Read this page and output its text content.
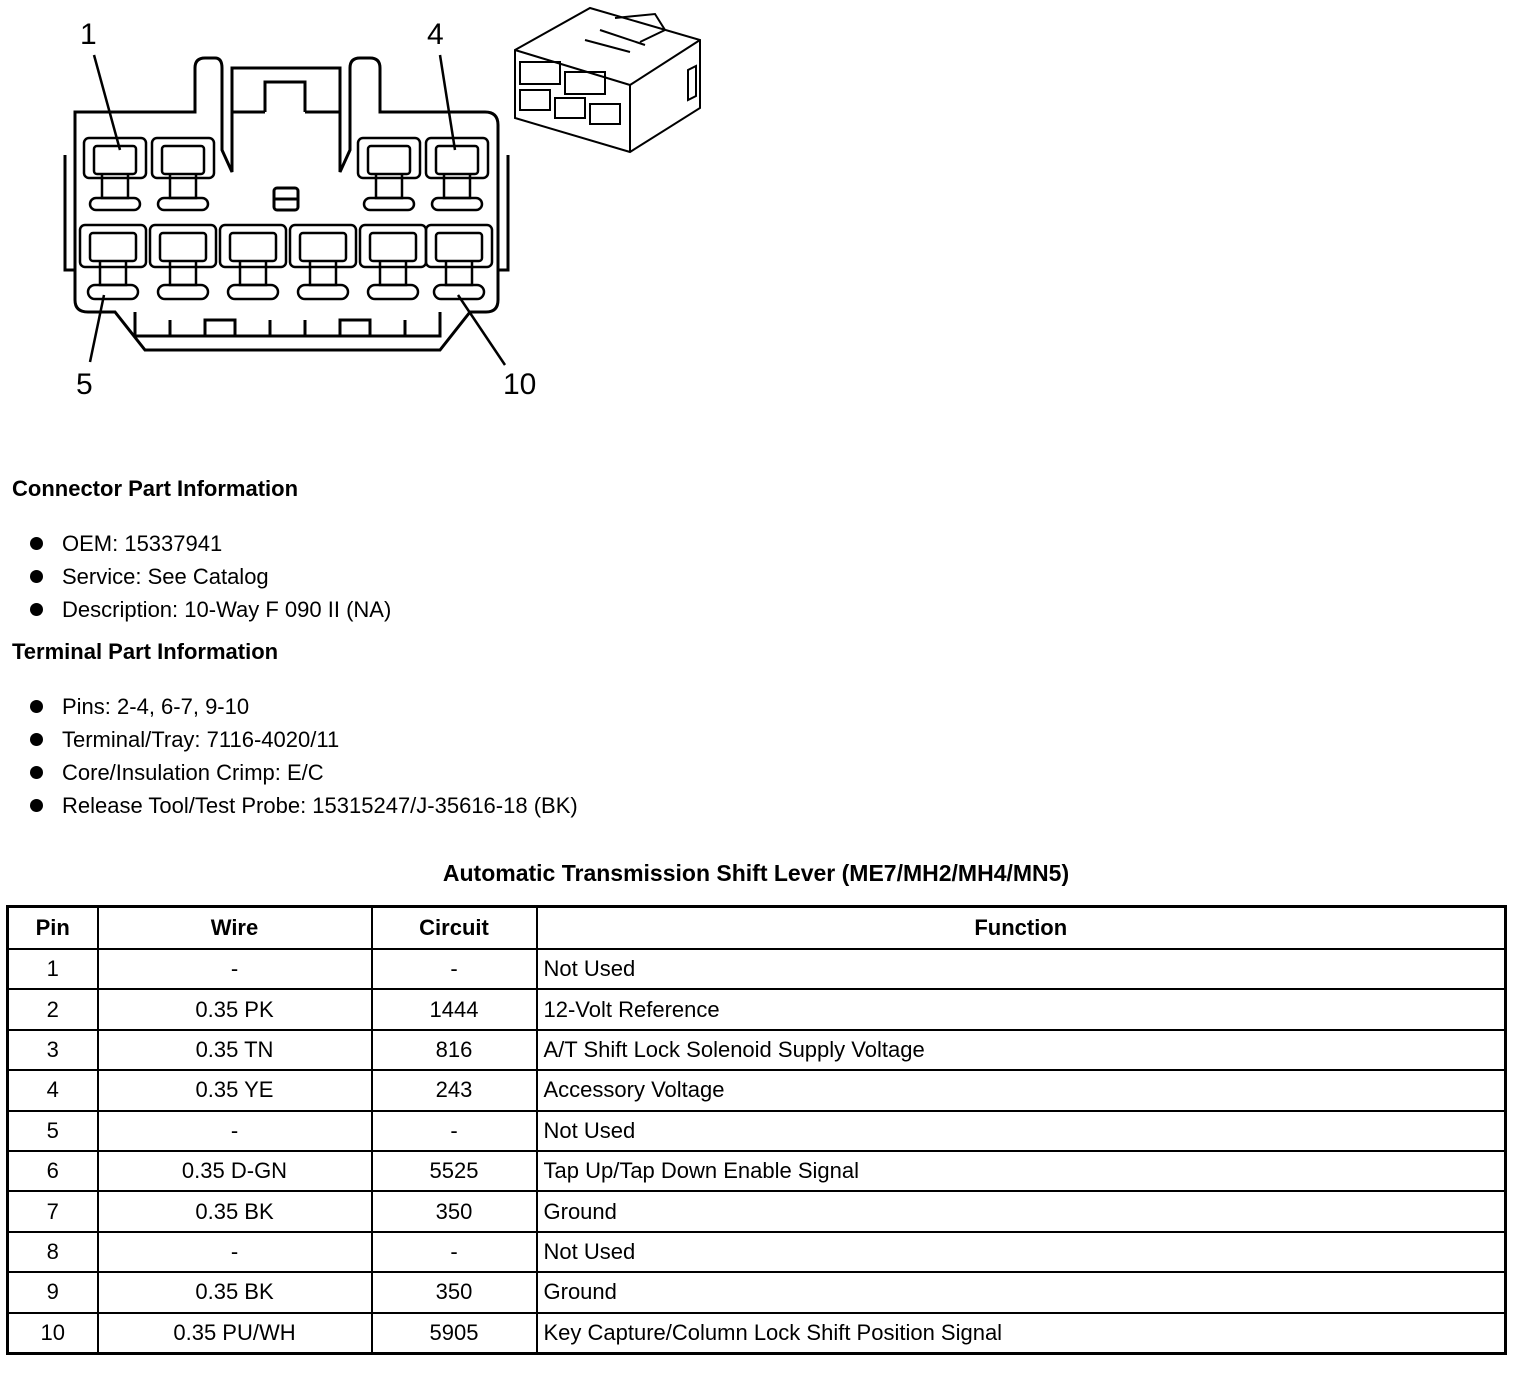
1	4
5	10
Connector Part Information
OEM: 15337941
Service: See Catalog
Description: 10-Way F 090 II (NA)
Terminal Part Information
Pins: 2-4, 6-7, 9-10
Terminal/Tray: 7116-4020/11
Core/Insulation Crimp: E/C
Release Tool/Test Probe: 15315247/J-35616-18 (BK)
Automatic Transmission Shift Lever (ME7/MH2/MH4/MN5)
Pin	Wire	Circuit	Function
1	-	-	Not Used
2	0.35 PK	1444	12-Volt Reference
3	0.35 TN	816	A/T Shift Lock Solenoid Supply Voltage
4	0.35 YE	243	Accessory Voltage
5	-	-	Not Used
6	0.35 D-GN	5525	Tap Up/Tap Down Enable Signal
7	0.35 BK	350	Ground
8	-	-	Not Used
9	0.35 BK	350	Ground
10	0.35 PU/WH	5905	Key Capture/Column Lock Shift Position Signal
